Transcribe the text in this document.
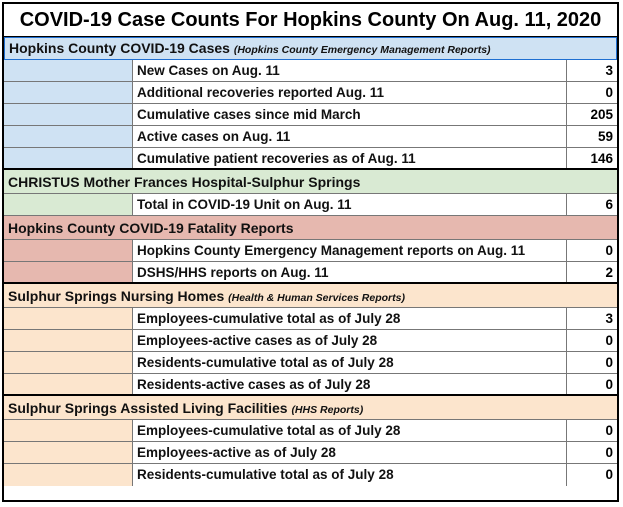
COVID-19 Case Counts For Hopkins County On Aug. 11, 2020
Hopkins County COVID-19 Cases (Hopkins County Emergency Management Reports)
New Cases on Aug. 11	3
Additional recoveries reported Aug. 11	0
Cumulative cases since mid March	205
Active cases on Aug. 11	59
Cumulative patient recoveries as of Aug. 11	146
CHRISTUS Mother Frances Hospital-Sulphur Springs
Total in COVID-19 Unit on Aug. 11	6
Hopkins County COVID-19 Fatality Reports
Hopkins County Emergency Management reports on Aug. 11	0
DSHS/HHS reports on Aug. 11	2
Sulphur Springs Nursing Homes (Health & Human Services Reports)
Employees-cumulative total as of July 28	3
Employees-active cases as of July 28	0
Residents-cumulative total as of July 28	0
Residents-active cases as of July 28	0
Sulphur Springs Assisted Living Facilities (HHS Reports)
Employees-cumulative total as of July 28	0
Employees-active as of July 28	0
Residents-cumulative total as of July 28	0
